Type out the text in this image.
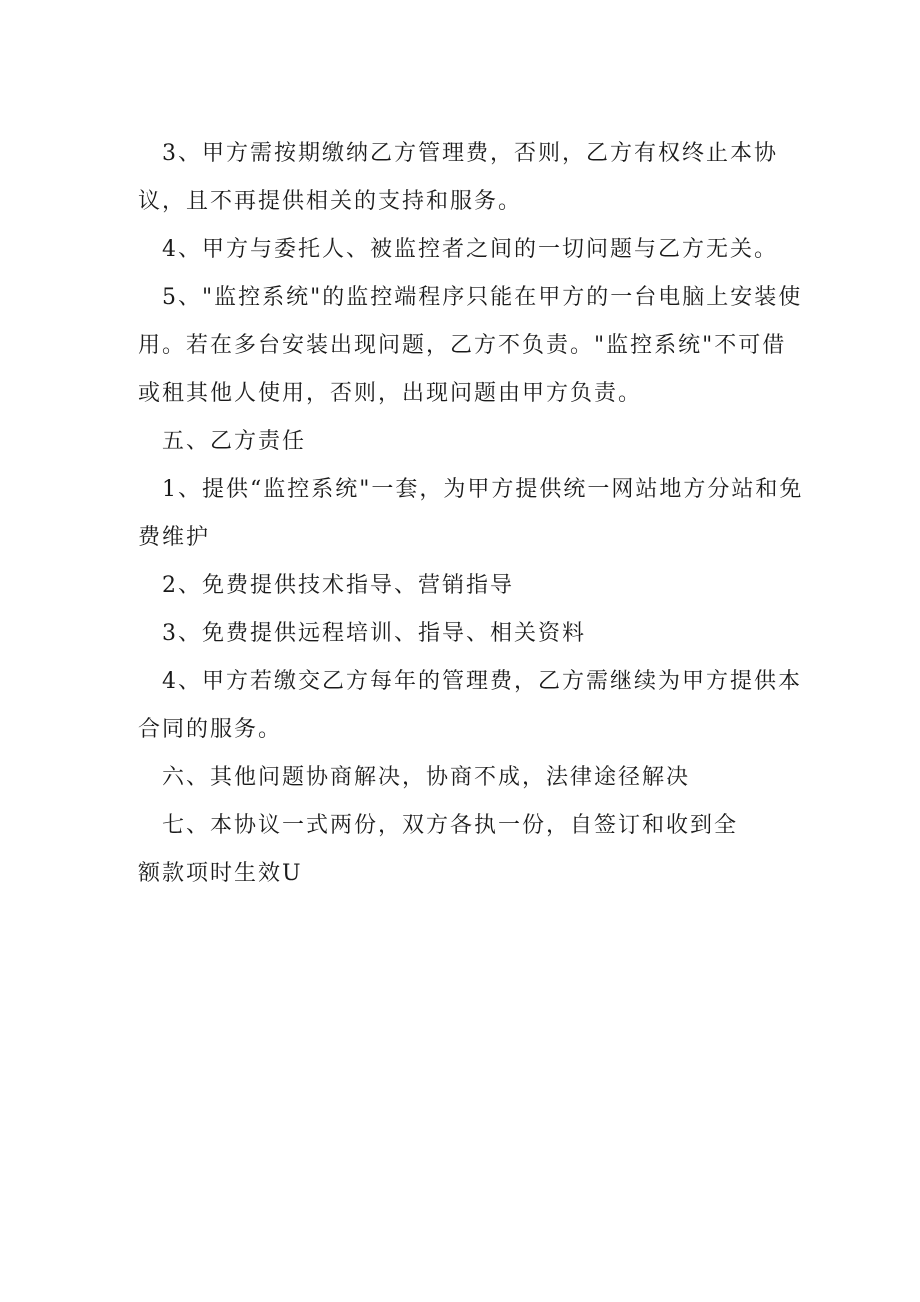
3、甲方需按期缴纳乙方管理费，否则，乙方有权终止本协议，且不再提供相关的支持和服务。

4、甲方与委托人、被监控者之间的一切问题与乙方无关。

5、"监控系统"的监控端程序只能在甲方的一台电脑上安装使用。若在多台安装出现问题，乙方不负责。"监控系统"不可借或租其他人使用，否则，出现问题由甲方负责。

五、乙方责任

1、提供“监控系统"一套，为甲方提供统一网站地方分站和免费维护

2、免费提供技术指导、营销指导

3、免费提供远程培训、指导、相关资料

4、甲方若缴交乙方每年的管理费，乙方需继续为甲方提供本合同的服务。

六、其他问题协商解决，协商不成，法律途径解决

七、本协议一式两份，双方各执一份，自签订和收到全

额款项时生效U
